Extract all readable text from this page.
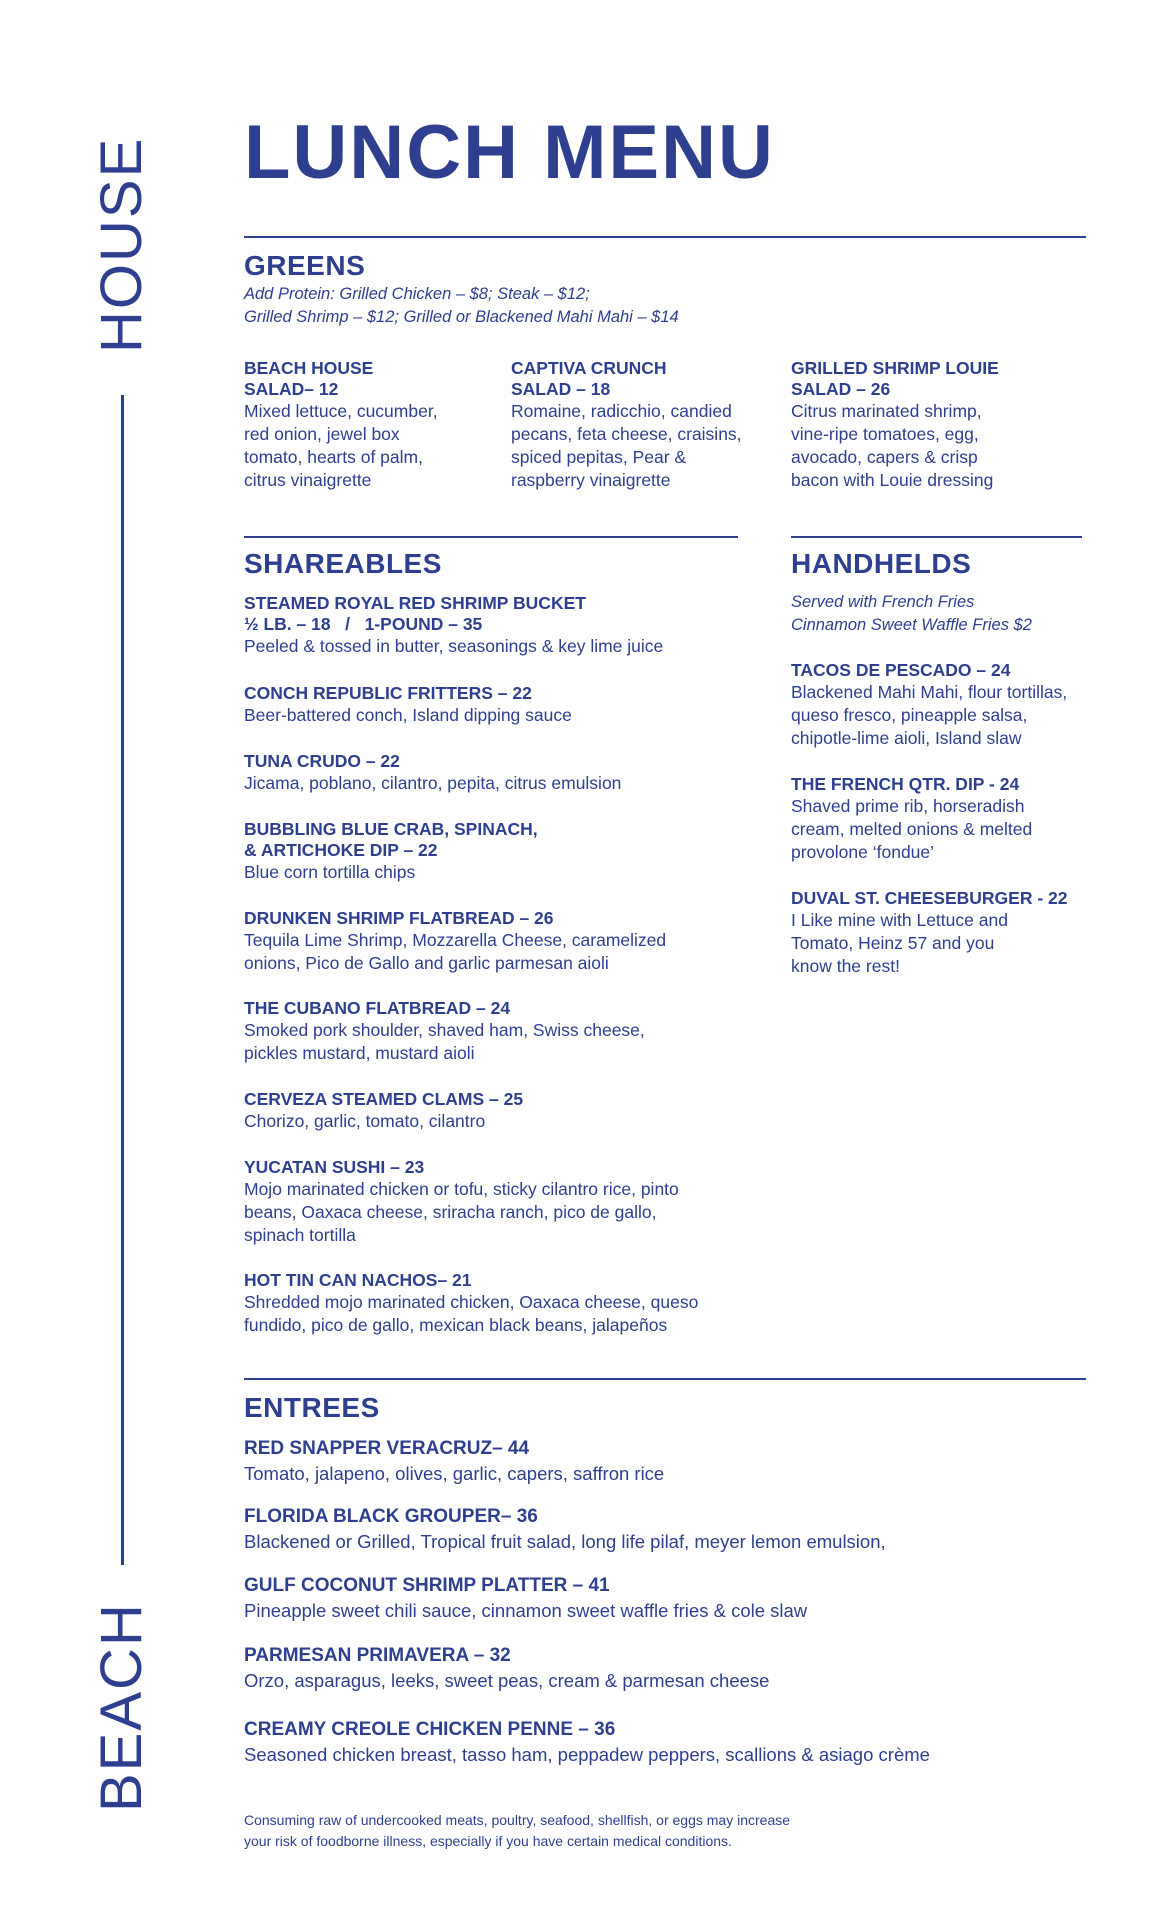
HOUSE
BEACH
LUNCH MENU
GREENS
Add Protein: Grilled Chicken – $8; Steak – $12;
Grilled Shrimp – $12; Grilled or Blackened Mahi Mahi – $14
BEACH HOUSE
SALAD– 12
Mixed lettuce, cucumber,
red onion, jewel box
tomato, hearts of palm,
citrus vinaigrette
CAPTIVA CRUNCH
SALAD – 18
Romaine, radicchio, candied
pecans, feta cheese, craisins,
spiced pepitas, Pear &
raspberry vinaigrette
GRILLED SHRIMP LOUIE
SALAD – 26
Citrus marinated shrimp,
vine-ripe tomatoes, egg,
avocado, capers & crisp
bacon with Louie dressing
SHAREABLES
STEAMED ROYAL RED SHRIMP BUCKET
½ LB. – 18   /   1-POUND – 35
Peeled & tossed in butter, seasonings & key lime juice
CONCH REPUBLIC FRITTERS – 22
Beer-battered conch, Island dipping sauce
TUNA CRUDO – 22
Jicama, poblano, cilantro, pepita, citrus emulsion
BUBBLING BLUE CRAB, SPINACH,
& ARTICHOKE DIP – 22
Blue corn tortilla chips
DRUNKEN SHRIMP FLATBREAD – 26
Tequila Lime Shrimp, Mozzarella Cheese, caramelized
onions, Pico de Gallo and garlic parmesan aioli
THE CUBANO FLATBREAD – 24
Smoked pork shoulder, shaved ham, Swiss cheese,
pickles mustard, mustard aioli
CERVEZA STEAMED CLAMS – 25
Chorizo, garlic, tomato, cilantro
YUCATAN SUSHI – 23
Mojo marinated chicken or tofu, sticky cilantro rice, pinto
beans, Oaxaca cheese, sriracha ranch, pico de gallo,
spinach tortilla
HOT TIN CAN NACHOS– 21
Shredded mojo marinated chicken, Oaxaca cheese, queso
fundido, pico de gallo, mexican black beans, jalapeños
HANDHELDS
Served with French Fries
Cinnamon Sweet Waffle Fries $2
TACOS DE PESCADO – 24
Blackened Mahi Mahi, flour tortillas,
queso fresco, pineapple salsa,
chipotle-lime aioli, Island slaw
THE FRENCH QTR. DIP - 24
Shaved prime rib, horseradish
cream, melted onions & melted
provolone ‘fondue’
DUVAL ST. CHEESEBURGER - 22
I Like mine with Lettuce and
Tomato, Heinz 57 and you
know the rest!
ENTREES
RED SNAPPER VERACRUZ– 44
Tomato, jalapeno, olives, garlic, capers, saffron rice
FLORIDA BLACK GROUPER– 36
Blackened or Grilled, Tropical fruit salad, long life pilaf, meyer lemon emulsion,
GULF COCONUT SHRIMP PLATTER – 41
Pineapple sweet chili sauce, cinnamon sweet waffle fries & cole slaw
PARMESAN PRIMAVERA – 32
Orzo, asparagus, leeks, sweet peas, cream & parmesan cheese
CREAMY CREOLE CHICKEN PENNE – 36
Seasoned chicken breast, tasso ham, peppadew peppers, scallions & asiago crème
Consuming raw of undercooked meats, poultry, seafood, shellfish, or eggs may increase
your risk of foodborne illness, especially if you have certain medical conditions.
